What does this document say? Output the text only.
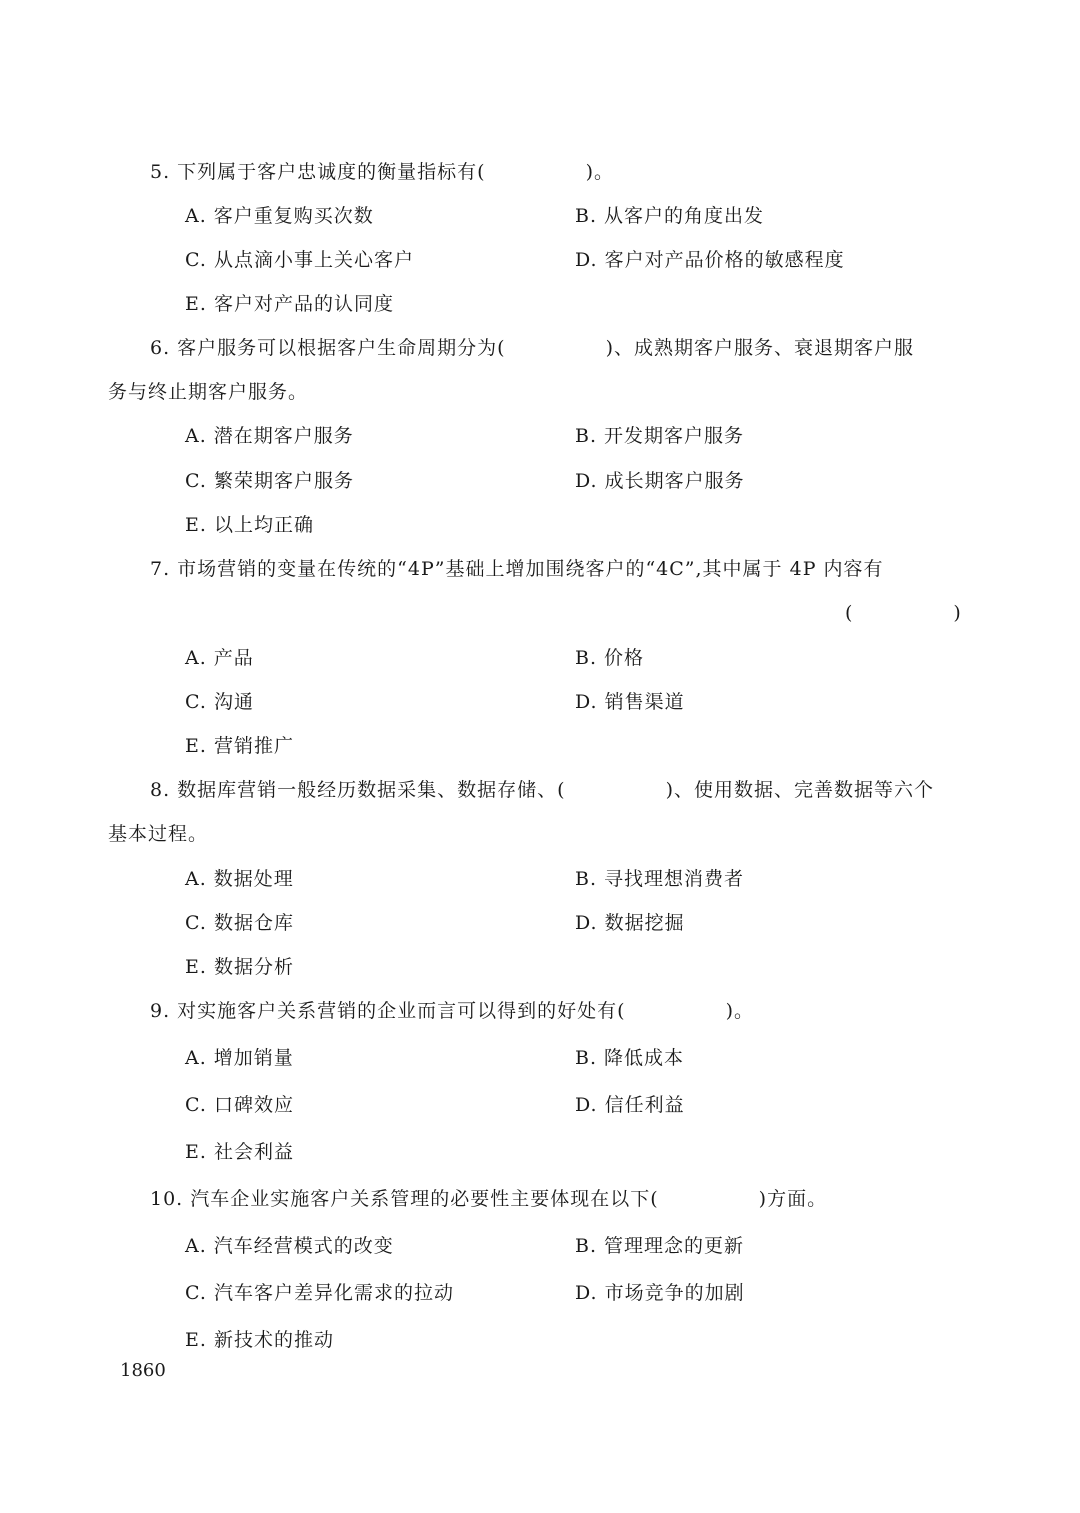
5. 下列属于客户忠诚度的衡量指标有(　　　　　)。
A. 客户重复购买次数	B. 从客户的角度出发
C. 从点滴小事上关心客户	D. 客户对产品价格的敏感程度
E. 客户对产品的认同度
6. 客户服务可以根据客户生命周期分为(　　　　　)、成熟期客户服务、衰退期客户服
务与终止期客户服务。
A. 潜在期客户服务	B. 开发期客户服务
C. 繁荣期客户服务	D. 成长期客户服务
E. 以上均正确
7. 市场营销的变量在传统的“4P”基础上增加围绕客户的“4C”,其中属于 4P 内容有
(　　　　　)
A. 产品	B. 价格
C. 沟通	D. 销售渠道
E. 营销推广
8. 数据库营销一般经历数据采集、数据存储、(　　　　　)、使用数据、完善数据等六个
基本过程。
A. 数据处理	B. 寻找理想消费者
C. 数据仓库	D. 数据挖掘
E. 数据分析
9. 对实施客户关系营销的企业而言可以得到的好处有(　　　　　)。
A. 增加销量	B. 降低成本
C. 口碑效应	D. 信任利益
E. 社会利益
10. 汽车企业实施客户关系管理的必要性主要体现在以下(　　　　　)方面。
A. 汽车经营模式的改变	B. 管理理念的更新
C. 汽车客户差异化需求的拉动	D. 市场竞争的加剧
E. 新技术的推动
1860
